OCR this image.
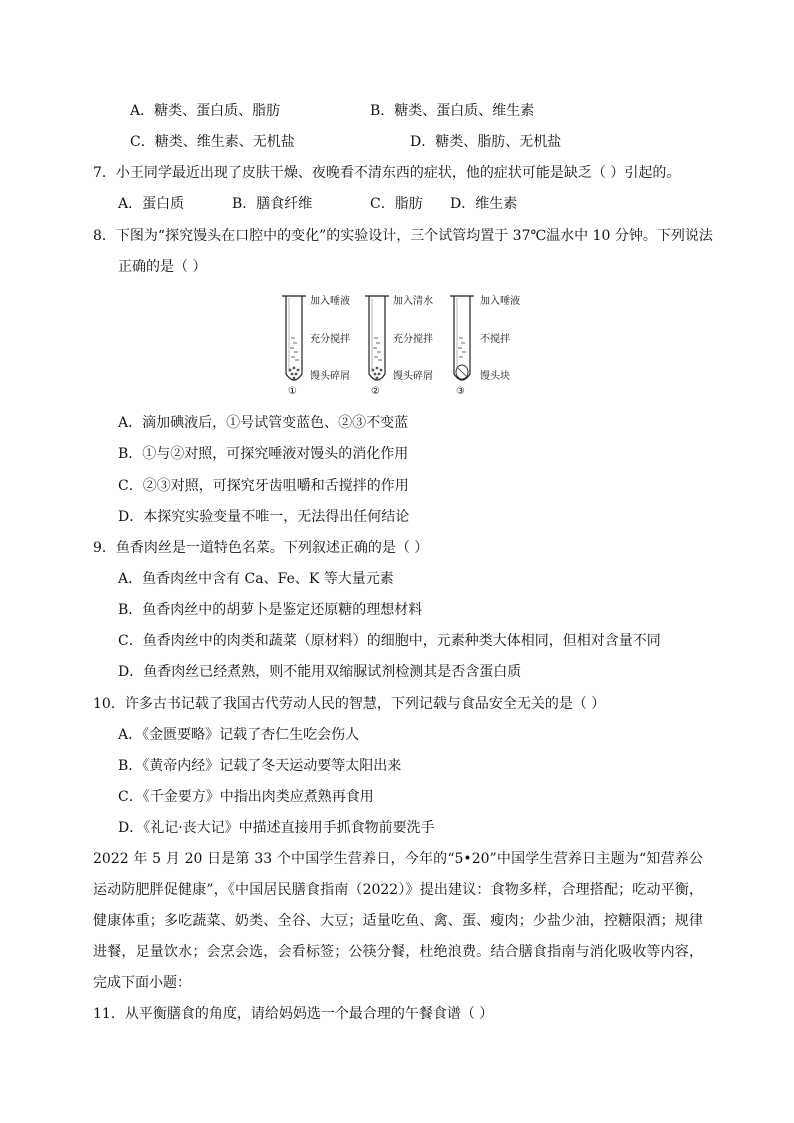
A．糖类、蛋白质、脂肪	B．糖类、蛋白质、维生素
C．糖类、维生素、无机盐	D．糖类、脂肪、无机盐
7．小王同学最近出现了皮肤干燥、夜晚看不清东西的症状，他的症状可能是缺乏（ ）引起的。
A．蛋白质	B．膳食纤维	C．脂肪 D．维生素
8．下图为“探究馒头在口腔中的变化”的实验设计，三个试管均置于 37℃温水中 10 分钟。下列说法
正确的是（ ）
加入唾液
充分搅拌
馒头碎屑
①
加入清水
充分搅拌
馒头碎屑
②
加入唾液
不搅拌
馒头块
③
A．滴加碘液后，①号试管变蓝色、②③不变蓝
B．①与②对照，可探究唾液对馒头的消化作用
C．②③对照，可探究牙齿咀嚼和舌搅拌的作用
D．本探究实验变量不唯一，无法得出任何结论
9．鱼香肉丝是一道特色名菜。下列叙述正确的是（ ）
A．鱼香肉丝中含有 Ca、Fe、K 等大量元素
B．鱼香肉丝中的胡萝卜是鉴定还原糖的理想材料
C．鱼香肉丝中的肉类和蔬菜（原材料）的细胞中，元素种类大体相同，但相对含量不同
D．鱼香肉丝已经煮熟，则不能用双缩脲试剂检测其是否含蛋白质
10．许多古书记载了我国古代劳动人民的智慧，下列记载与食品安全无关的是（ ）
A．《金匮要略》记载了杏仁生吃会伤人
B．《黄帝内经》记载了冬天运动要等太阳出来
C．《千金要方》中指出肉类应煮熟再食用
D．《礼记·丧大记》中描述直接用手抓食物前要洗手
2022 年 5 月 20 日是第 33 个中国学生营养日，今年的“5•20”中国学生营养日主题为“知营养公运动防肥胖促健康”，《中国居民膳食指南（2022）》提出建议：食物多样，合理搭配；吃动平衡，健康体重；多吃蔬菜、奶类、全谷、大豆；适量吃鱼、禽、蛋、瘦肉；少盐少油，控糖限酒；规律进餐，足量饮水；会烹会选，会看标签；公筷分餐，杜绝浪费。结合膳食指南与消化吸收等内容，完成下面小题：
11．从平衡膳食的角度，请给妈妈选一个最合理的午餐食谱（ ）
